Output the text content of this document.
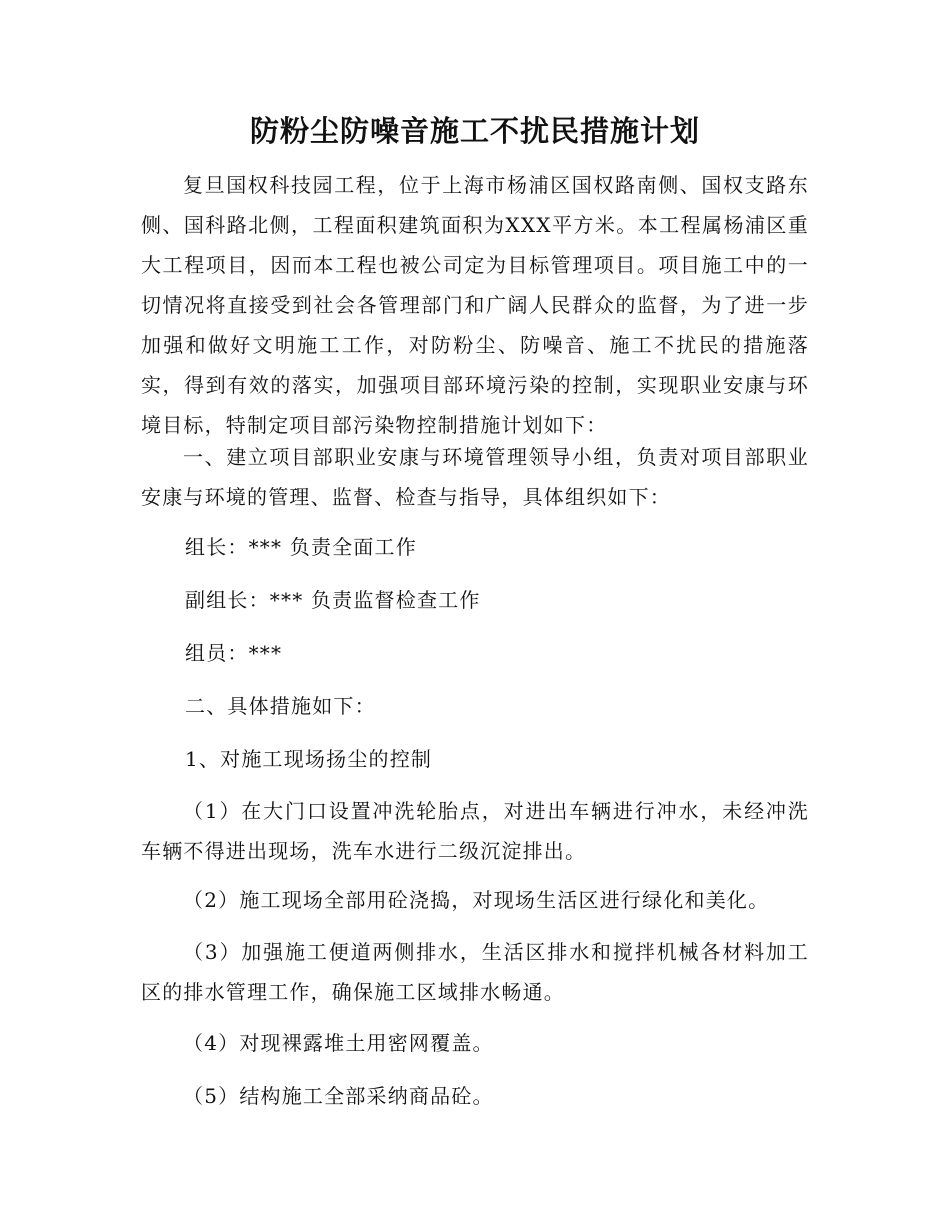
防粉尘防噪音施工不扰民措施计划

复旦国权科技园工程，位于上海市杨浦区国权路南侧、国权支路东侧、国科路北侧，工程面积建筑面积为XXX平方米。本工程属杨浦区重大工程项目，因而本工程也被公司定为目标管理项目。项目施工中的一切情况将直接受到社会各管理部门和广阔人民群众的监督，为了进一步加强和做好文明施工工作，对防粉尘、防噪音、施工不扰民的措施落实，得到有效的落实，加强项目部环境污染的控制，实现职业安康与环境目标，特制定项目部污染物控制措施计划如下：

一、建立项目部职业安康与环境管理领导小组，负责对项目部职业安康与环境的管理、监督、检查与指导，具体组织如下：

组长：*** 负责全面工作

副组长：*** 负责监督检查工作

组员：***

二、具体措施如下：

1、对施工现场扬尘的控制

（1）在大门口设置冲洗轮胎点，对进出车辆进行冲水，未经冲洗车辆不得进出现场，洗车水进行二级沉淀排出。

（2）施工现场全部用砼浇捣，对现场生活区进行绿化和美化。

（3）加强施工便道两侧排水，生活区排水和搅拌机械各材料加工区的排水管理工作，确保施工区域排水畅通。

（4）对现裸露堆土用密网覆盖。

（5）结构施工全部采纳商品砼。
